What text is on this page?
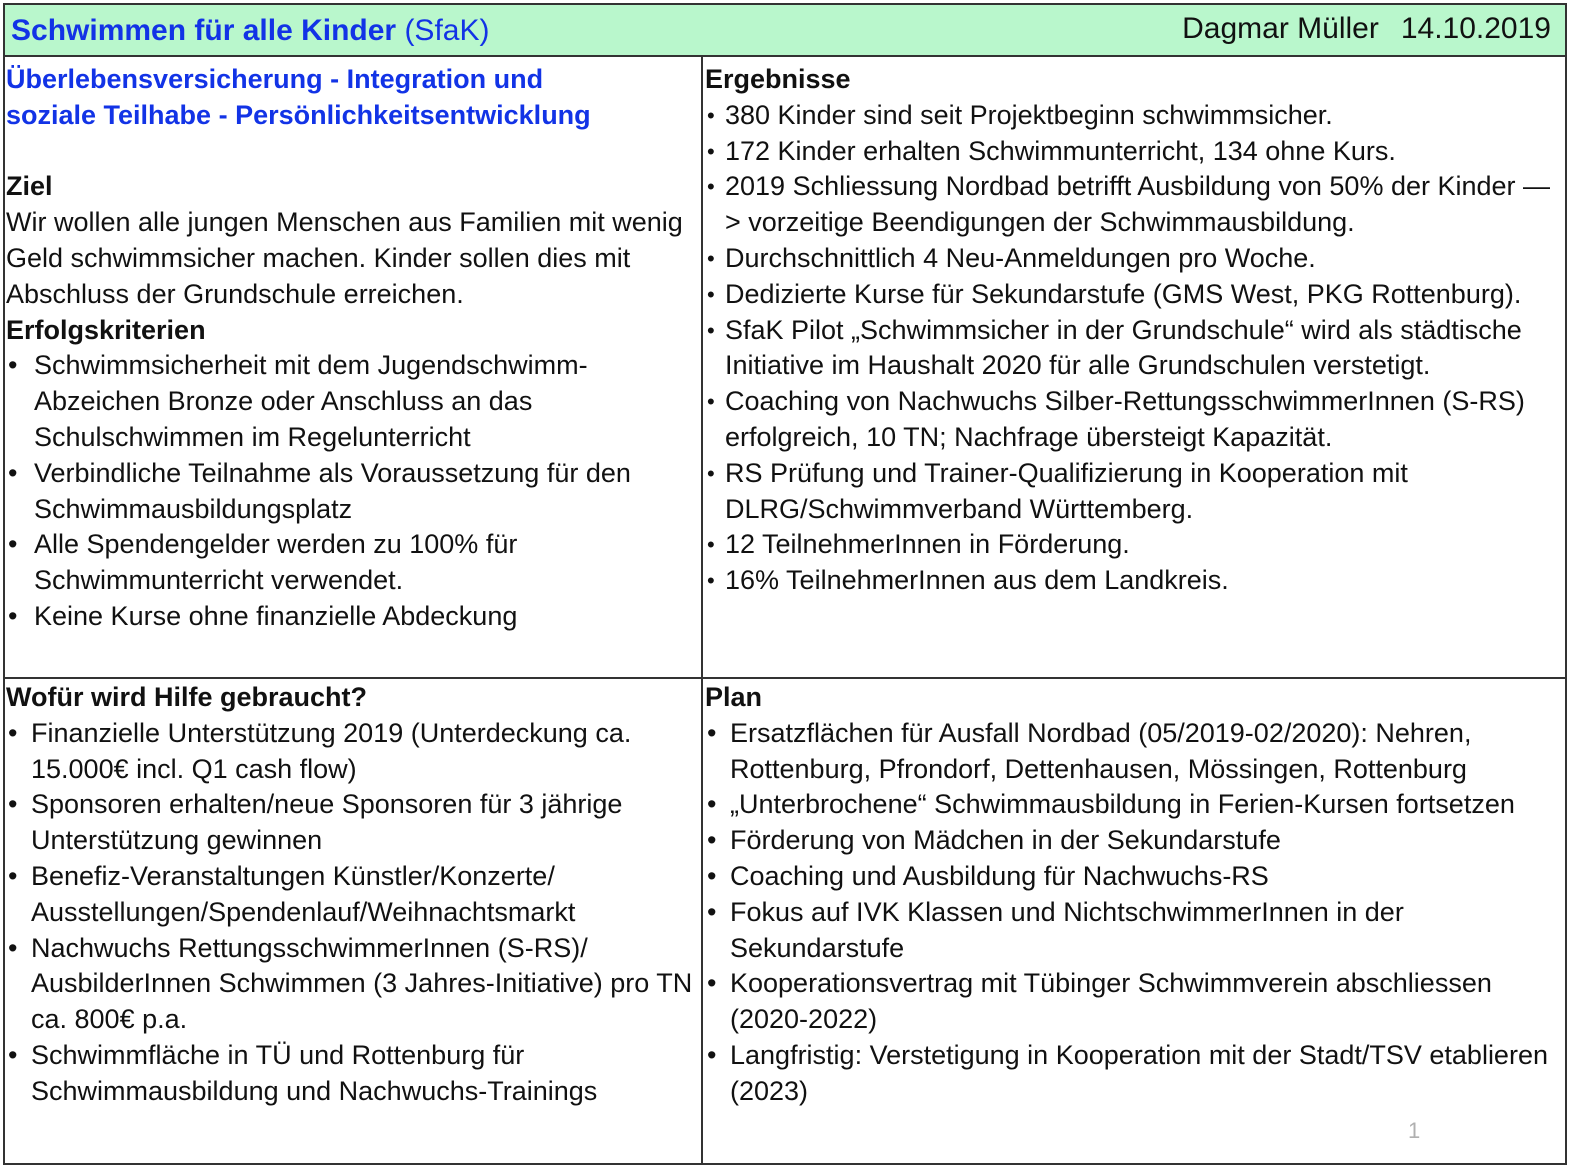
Schwimmen für alle Kinder (SfaK)	Dagmar Müller 14.10.2019
Überlebensversicherung - Integration und
soziale Teilhabe - Persönlichkeitsentwicklung
Ziel

Wir wollen alle jungen Menschen aus Familien mit wenig Geld schwimmsicher machen. Kinder sollen dies mit Abschluss der Grundschule erreichen.

Erfolgskriterien
• Schwimmsicherheit mit dem Jugendschwimm-Abzeichen Bronze oder Anschluss an das Schulschwimmen im Regelunterricht
• Verbindliche Teilnahme als Voraussetzung für den Schwimmausbildungsplatz
• Alle Spendengelder werden zu 100% für Schwimmunterricht verwendet.
• Keine Kurse ohne finanzielle Abdeckung
Ergebnisse
• 380 Kinder sind seit Projektbeginn schwimmsicher.
• 172 Kinder erhalten Schwimmunterricht, 134 ohne Kurs.
• 2019 Schliessung Nordbad betrifft Ausbildung von 50% der Kinder —> vorzeitige Beendigungen der Schwimmausbildung.
• Durchschnittlich 4 Neu-Anmeldungen pro Woche.
• Dedizierte Kurse für Sekundarstufe (GMS West, PKG Rottenburg).
• SfaK Pilot „Schwimmsicher in der Grundschule“ wird als städtische Initiative im Haushalt 2020 für alle Grundschulen verstetigt.
• Coaching von Nachwuchs Silber-RettungsschwimmerInnen (S-RS) erfolgreich, 10 TN; Nachfrage übersteigt Kapazität.
• RS Prüfung und Trainer-Qualifizierung in Kooperation mit DLRG/Schwimmverband Württemberg.
• 12 TeilnehmerInnen in Förderung.
• 16% TeilnehmerInnen aus dem Landkreis.
Wofür wird Hilfe gebraucht?
• Finanzielle Unterstützung 2019 (Unterdeckung ca. 15.000€ incl. Q1 cash flow)
• Sponsoren erhalten/neue Sponsoren für 3 jährige Unterstützung gewinnen
• Benefiz-Veranstaltungen Künstler/Konzerte/ Ausstellungen/Spendenlauf/Weihnachtsmarkt
• Nachwuchs RettungsschwimmerInnen (S-RS)/ AusbilderInnen Schwimmen (3 Jahres-Initiative) pro TN ca. 800€ p.a.
• Schwimmfläche in TÜ und Rottenburg für Schwimmausbildung und Nachwuchs-Trainings
Plan
• Ersatzflächen für Ausfall Nordbad (05/2019-02/2020): Nehren, Rottenburg, Pfrondorf, Dettenhausen, Mössingen, Rottenburg
• „Unterbrochene“ Schwimmausbildung in Ferien-Kursen fortsetzen
• Förderung von Mädchen in der Sekundarstufe
• Coaching und Ausbildung für Nachwuchs-RS
• Fokus auf IVK Klassen und NichtschwimmerInnen in der Sekundarstufe
• Kooperationsvertrag mit Tübinger Schwimmverein abschliessen (2020-2022)
• Langfristig: Verstetigung in Kooperation mit der Stadt/TSV etablieren (2023)
1
